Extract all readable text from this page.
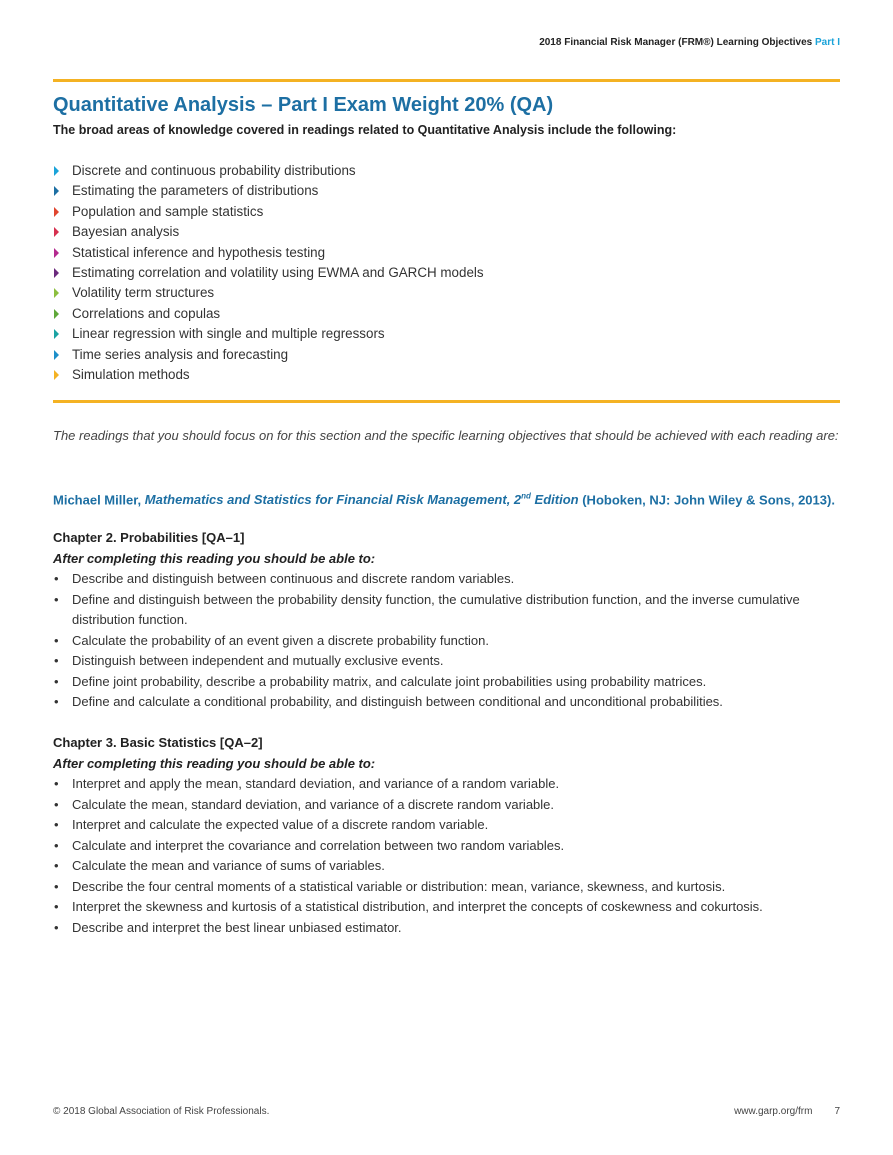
2018 Financial Risk Manager (FRM®) Learning Objectives Part I
Quantitative Analysis – Part I Exam Weight 20% (QA)

The broad areas of knowledge covered in readings related to Quantitative Analysis include the following:

Discrete and continuous probability distributions
Estimating the parameters of distributions
Population and sample statistics
Bayesian analysis
Statistical inference and hypothesis testing
Estimating correlation and volatility using EWMA and GARCH models
Volatility term structures
Correlations and copulas
Linear regression with single and multiple regressors
Time series analysis and forecasting
Simulation methods

The readings that you should focus on for this section and the specific learning objectives that should be achieved with each reading are:

Michael Miller, Mathematics and Statistics for Financial Risk Management, 2nd Edition (Hoboken, NJ: John Wiley & Sons, 2013).

Chapter 2. Probabilities [QA–1]

After completing this reading you should be able to:

• Describe and distinguish between continuous and discrete random variables.
• Define and distinguish between the probability density function, the cumulative distribution function, and the inverse cumulative distribution function.
• Calculate the probability of an event given a discrete probability function.
• Distinguish between independent and mutually exclusive events.
• Define joint probability, describe a probability matrix, and calculate joint probabilities using probability matrices.
• Define and calculate a conditional probability, and distinguish between conditional and unconditional probabilities.
Chapter 3. Basic Statistics [QA–2]

After completing this reading you should be able to:

• Interpret and apply the mean, standard deviation, and variance of a random variable.
• Calculate the mean, standard deviation, and variance of a discrete random variable.
• Interpret and calculate the expected value of a discrete random variable.
• Calculate and interpret the covariance and correlation between two random variables.
• Calculate the mean and variance of sums of variables.
• Describe the four central moments of a statistical variable or distribution: mean, variance, skewness, and kurtosis.
• Interpret the skewness and kurtosis of a statistical distribution, and interpret the concepts of coskewness and cokurtosis.
• Describe and interpret the best linear unbiased estimator.
© 2018 Global Association of Risk Professionals.	www.garp.org/frm 7
